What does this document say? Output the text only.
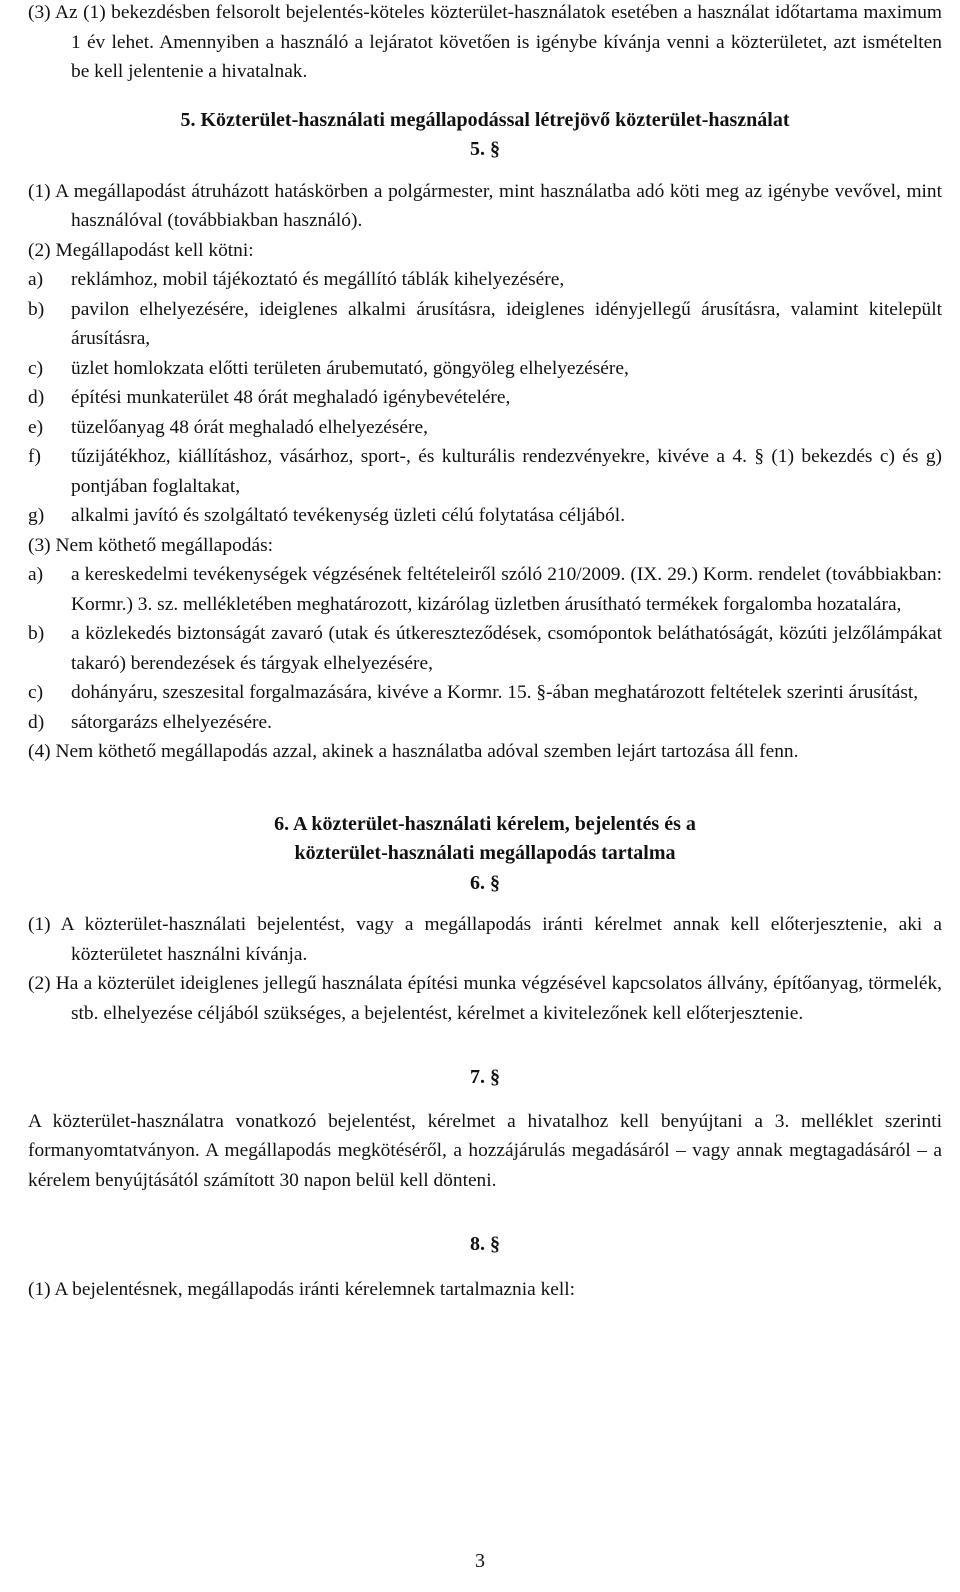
(3) Az (1) bekezdésben felsorolt bejelentés-köteles közterület-használatok esetében a használat időtartama maximum 1 év lehet. Amennyiben a használó a lejáratot követően is igénybe kívánja venni a közterületet, azt ismételten be kell jelentenie a hivatalnak.

5. Közterület-használati megállapodással létrejövő közterület-használat

5. §

(1) A megállapodást átruházott hatáskörben a polgármester, mint használatba adó köti meg az igénybe vevővel, mint használóval (továbbiakban használó).

(2) Megállapodást kell kötni:

a) reklámhoz, mobil tájékoztató és megállító táblák kihelyezésére,
b) pavilon elhelyezésére, ideiglenes alkalmi árusításra, ideiglenes idényjellegű árusításra, valamint kitelepült árusításra,
c) üzlet homlokzata előtti területen árubemutató, göngyöleg elhelyezésére,
d) építési munkaterület 48 órát meghaladó igénybevételére,
e) tüzelőanyag 48 órát meghaladó elhelyezésére,
f) tűzijátékhoz, kiállításhoz, vásárhoz, sport-, és kulturális rendezvényekre, kivéve a 4. § (1) bekezdés c) és g) pontjában foglaltakat,
g) alkalmi javító és szolgáltató tevékenység üzleti célú folytatása céljából.

(3) Nem köthető megállapodás:

a) a kereskedelmi tevékenységek végzésének feltételeiről szóló 210/2009. (IX. 29.) Korm. rendelet (továbbiakban: Kormr.) 3. sz. mellékletében meghatározott, kizárólag üzletben árusítható termékek forgalomba hozatalára,
b) a közlekedés biztonságát zavaró (utak és útkereszteződések, csomópontok beláthatóságát, közúti jelzőlámpákat takaró) berendezések és tárgyak elhelyezésére,
c) dohányáru, szeszesital forgalmazására, kivéve a Kormr. 15. §-ában meghatározott feltételek szerinti árusítást,
d) sátorgarázs elhelyezésére.

(4) Nem köthető megállapodás azzal, akinek a használatba adóval szemben lejárt tartozása áll fenn.

6. A közterület-használati kérelem, bejelentés és a

közterület-használati megállapodás tartalma

6. §

(1) A közterület-használati bejelentést, vagy a megállapodás iránti kérelmet annak kell előterjesztenie, aki a közterületet használni kívánja.

(2) Ha a közterület ideiglenes jellegű használata építési munka végzésével kapcsolatos állvány, építőanyag, törmelék, stb. elhelyezése céljából szükséges, a bejelentést, kérelmet a kivitelezőnek kell előterjesztenie.

7. §

A közterület-használatra vonatkozó bejelentést, kérelmet a hivatalhoz kell benyújtani a 3. melléklet szerinti formanyomtatványon. A megállapodás megkötéséről, a hozzájárulás megadásáról – vagy annak megtagadásáról – a kérelem benyújtásától számított 30 napon belül kell dönteni.

8. §

(1) A bejelentésnek, megállapodás iránti kérelemnek tartalmaznia kell:

3
